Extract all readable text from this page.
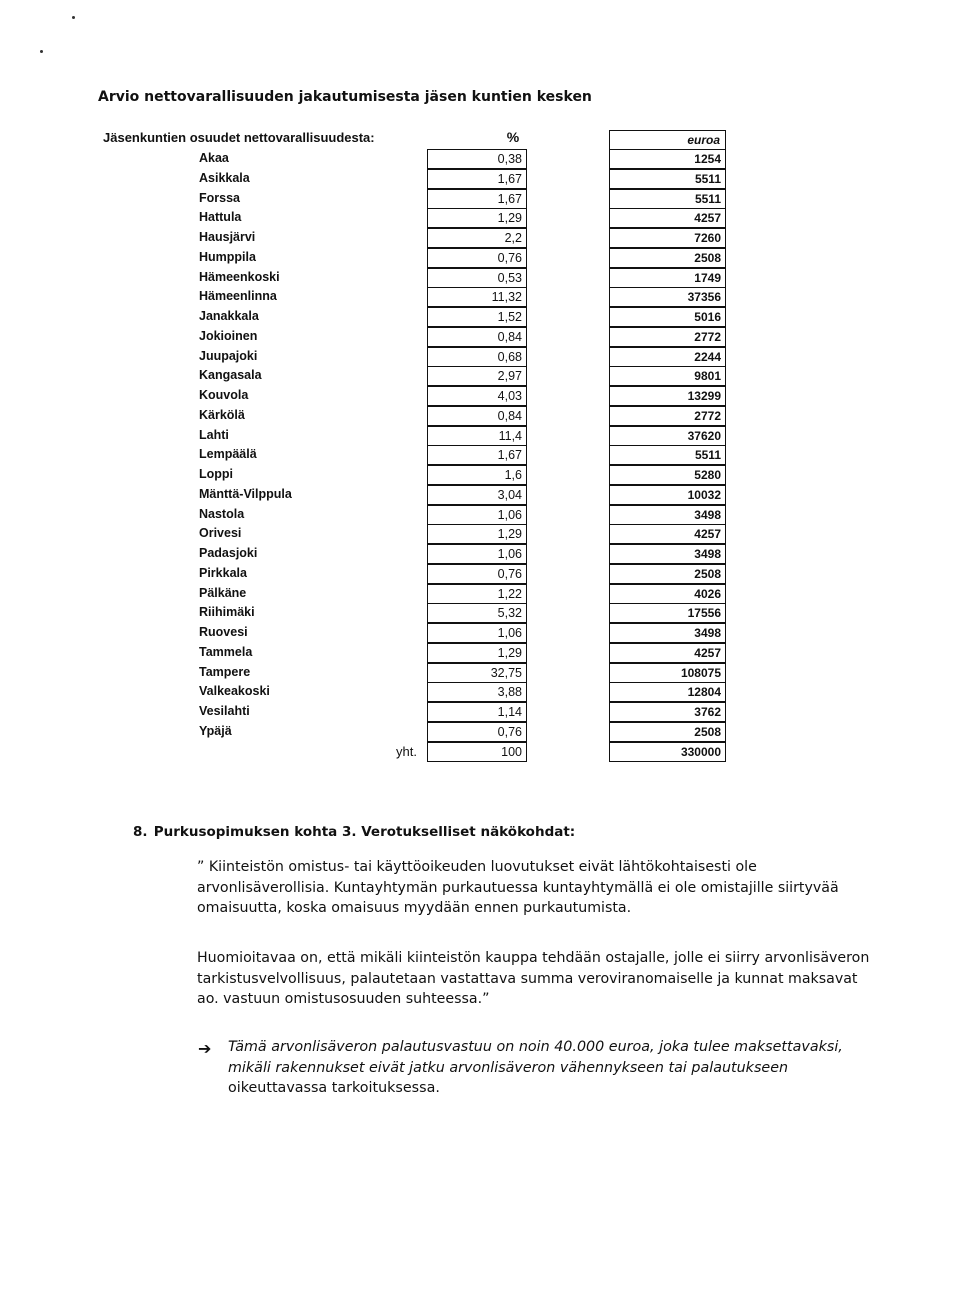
Arvio nettovarallisuuden jakautumisesta jäsen kuntien kesken
Jäsenkuntien osuudet nettovarallisuudesta:	%	euroa
Akaa	0,38	1254
Asikkala	1,67	5511
Forssa	1,67	5511
Hattula	1,29	4257
Hausjärvi	2,2	7260
Humppila	0,76	2508
Hämeenkoski	0,53	1749
Hämeenlinna	11,32	37356
Janakkala	1,52	5016
Jokioinen	0,84	2772
Juupajoki	0,68	2244
Kangasala	2,97	9801
Kouvola	4,03	13299
Kärkölä	0,84	2772
Lahti	11,4	37620
Lempäälä	1,67	5511
Loppi	1,6	5280
Mänttä-Vilppula	3,04	10032
Nastola	1,06	3498
Orivesi	1,29	4257
Padasjoki	1,06	3498
Pirkkala	0,76	2508
Pälkäne	1,22	4026
Riihimäki	5,32	17556
Ruovesi	1,06	3498
Tammela	1,29	4257
Tampere	32,75	108075
Valkeakoski	3,88	12804
Vesilahti	1,14	3762
Ypäjä	0,76	2508
yht.	100	330000
8. Purkusopimuksen kohta 3. Verotukselliset näkökohdat:
” Kiinteistön omistus- tai käyttöoikeuden luovutukset eivät lähtökohtaisesti ole arvonlisäverollisia. Kuntayhtymän purkautuessa kuntayhtymällä ei ole omistajille siirtyvää omaisuutta, koska omaisuus myydään ennen purkautumista.
Huomioitavaa on, että mikäli kiinteistön kauppa tehdään ostajalle, jolle ei siirry arvonlisäveron tarkistusvelvollisuus, palautetaan vastattava summa veroviranomaiselle ja kunnat maksavat ao. vastuun omistusosuuden suhteessa.”
➔ Tämä arvonlisäveron palautusvastuu on noin 40.000 euroa, joka tulee maksettavaksi, mikäli rakennukset eivät jatku arvonlisäveron vähennykseen tai palautukseen oikeuttavassa tarkoituksessa.
